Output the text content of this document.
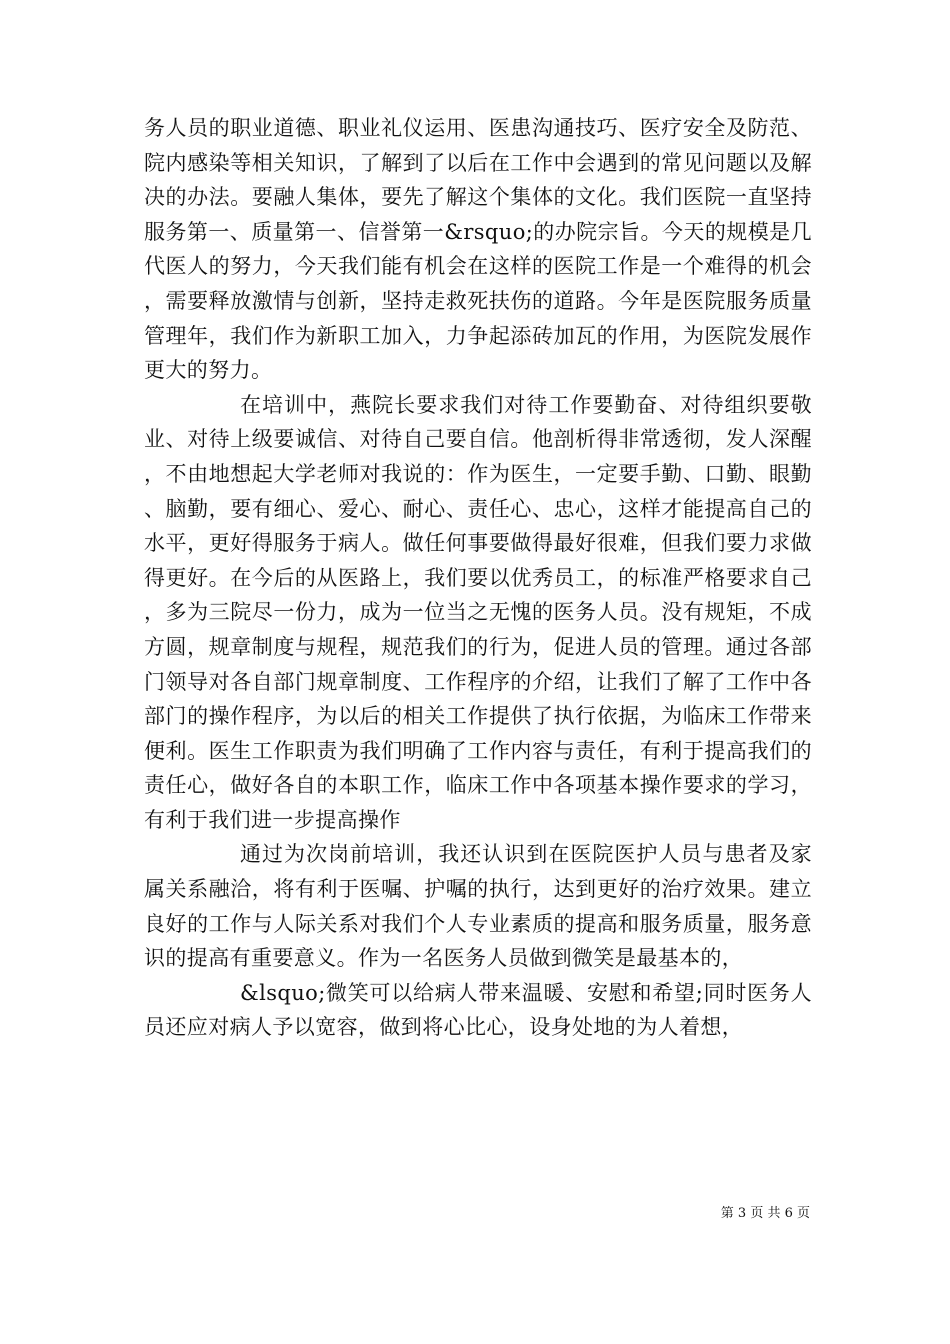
务人员的职业道德、职业礼仪运用、医患沟通技巧、医疗安全及防范、院内感染等相关知识，了解到了以后在工作中会遇到的常见问题以及解决的办法。要融人集体，要先了解这个集体的文化。我们医院一直坚持服务第一、质量第一、信誉第一&rsquo;的办院宗旨。今天的规模是几代医人的努力，今天我们能有机会在这样的医院工作是一个难得的机会，需要释放激情与创新，坚持走救死扶伤的道路。今年是医院服务质量管理年，我们作为新职工加入，力争起添砖加瓦的作用，为医院发展作更大的努力。

在培训中，燕院长要求我们对待工作要勤奋、对待组织要敬业、对待上级要诚信、对待自己要自信。他剖析得非常透彻，发人深醒，不由地想起大学老师对我说的：作为医生，一定要手勤、口勤、眼勤、脑勤，要有细心、爱心、耐心、责任心、忠心，这样才能提高自己的水平，更好得服务于病人。做任何事要做得最好很难，但我们要力求做得更好。在今后的从医路上，我们要以优秀员工，的标准严格要求自己，多为三院尽一份力，成为一位当之无愧的医务人员。没有规矩，不成方圆，规章制度与规程，规范我们的行为，促进人员的管理。通过各部门领导对各自部门规章制度、工作程序的介绍，让我们了解了工作中各部门的操作程序，为以后的相关工作提供了执行依据，为临床工作带来便利。医生工作职责为我们明确了工作内容与责任，有利于提高我们的责任心，做好各自的本职工作，临床工作中各项基本操作要求的学习，有利于我们进一步提高操作

通过为次岗前培训，我还认识到在医院医护人员与患者及家属关系融洽，将有利于医嘱、护嘱的执行，达到更好的治疗效果。建立良好的工作与人际关系对我们个人专业素质的提高和服务质量，服务意识的提高有重要意义。作为一名医务人员做到微笑是最基本的，

&lsquo;微笑可以给病人带来温暖、安慰和希望;同时医务人员还应对病人予以宽容，做到将心比心，设身处地的为人着想，

第 3 页 共 6 页
